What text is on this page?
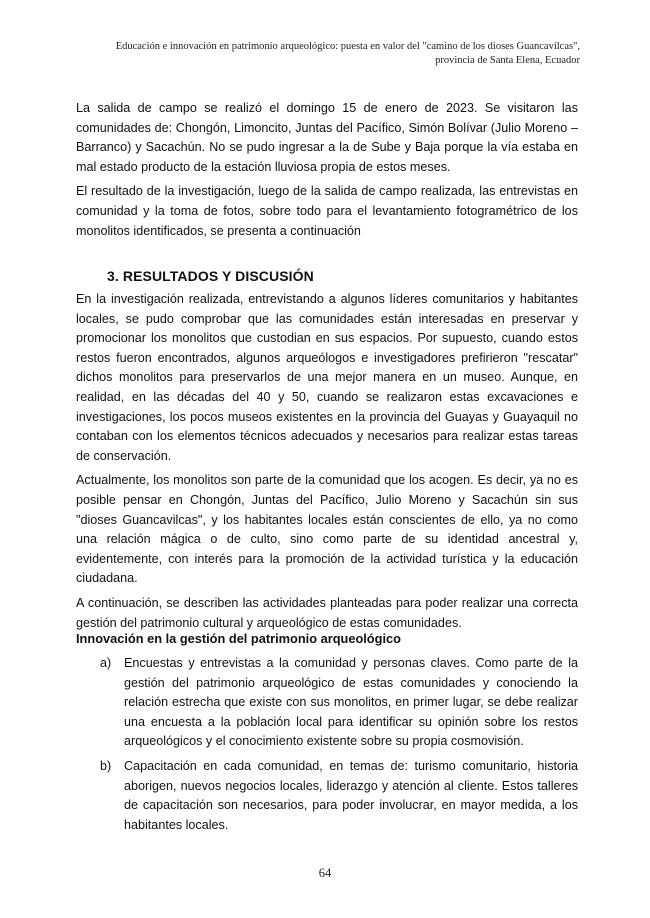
Educación e innovación en patrimonio arqueológico: puesta en valor del "camino de los dioses Guancavilcas",
provincia de Santa Elena, Ecuador

La salida de campo se realizó el domingo 15 de enero de 2023. Se visitaron las comunidades de: Chongón, Limoncito, Juntas del Pacífico, Simón Bolívar (Julio Moreno – Barranco) y Sacachún. No se pudo ingresar a la de Sube y Baja porque la vía estaba en mal estado producto de la estación lluviosa propia de estos meses.

El resultado de la investigación, luego de la salida de campo realizada, las entrevistas en comunidad y la toma de fotos, sobre todo para el levantamiento fotogramétrico de los monolitos identificados, se presenta a continuación

3. RESULTADOS Y DISCUSIÓN

En la investigación realizada, entrevistando a algunos líderes comunitarios y habitantes locales, se pudo comprobar que las comunidades están interesadas en preservar y promocionar los monolitos que custodian en sus espacios. Por supuesto, cuando estos restos fueron encontrados, algunos arqueólogos e investigadores prefirieron "rescatar" dichos monolitos para preservarlos de una mejor manera en un museo. Aunque, en realidad, en las décadas del 40 y 50, cuando se realizaron estas excavaciones e investigaciones, los pocos museos existentes en la provincia del Guayas y Guayaquil no contaban con los elementos técnicos adecuados y necesarios para realizar estas tareas de conservación.

Actualmente, los monolitos son parte de la comunidad que los acogen. Es decir, ya no es posible pensar en Chongón, Juntas del Pacífico, Julio Moreno y Sacachún sin sus "dioses Guancavilcas", y los habitantes locales están conscientes de ello, ya no como una relación mágica o de culto, sino como parte de su identidad ancestral y, evidentemente, con interés para la promoción de la actividad turística y la educación ciudadana.

A continuación, se describen las actividades planteadas para poder realizar una correcta gestión del patrimonio cultural y arqueológico de estas comunidades.

Innovación en la gestión del patrimonio arqueológico
a) Encuestas y entrevistas a la comunidad y personas claves. Como parte de la gestión del patrimonio arqueológico de estas comunidades y conociendo la relación estrecha que existe con sus monolitos, en primer lugar, se debe realizar una encuesta a la población local para identificar su opinión sobre los restos arqueológicos y el conocimiento existente sobre su propia cosmovisión.
b) Capacitación en cada comunidad, en temas de: turismo comunitario, historia aborigen, nuevos negocios locales, liderazgo y atención al cliente. Estos talleres de capacitación son necesarios, para poder involucrar, en mayor medida, a los habitantes locales.
64
